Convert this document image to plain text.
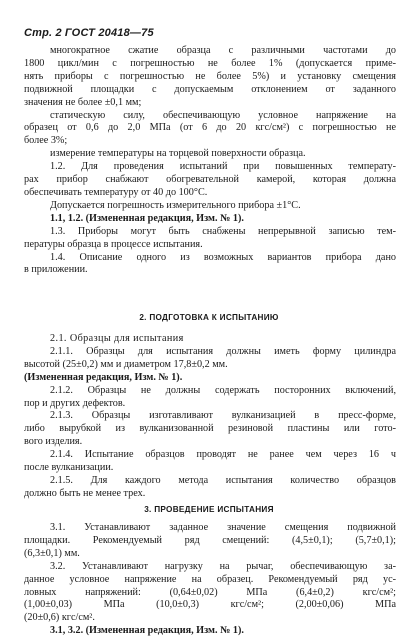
Стр. 2 ГОСТ 20418—75
многократное сжатие образца с различными частотами до
1800 цикл/мин с погрешностью не более 1% (допускается приме-
нять приборы с погрешностью не более 5%) и установку смещения
подвижной площадки с допускаемым отклонением от заданного
значения не более ±0,1 мм;
статическую силу, обеспечивающую условное напряжение на
образец от 0,6 до 2,0 МПа (от 6 до 20 кгс/см²) с погрешностью не
более 3%;
измерение температуры на торцевой поверхности образца.
1.2. Для проведения испытаний при повышенных температу-
рах прибор снабжают обогревательной камерой, которая должна
обеспечивать температуру от 40 до 100°С.
Допускается погрешность измерительного прибора ±1°С.
1.1, 1.2. (Измененная редакция, Изм. № 1).
1.3. Приборы могут быть снабжены непрерывной записью тем-
пературы образца в процессе испытания.
1.4. Описание одного из возможных вариантов прибора дано
в приложении.
2. ПОДГОТОВКА К ИСПЫТАНИЮ
2.1. Образцы для испытания
2.1.1. Образцы для испытания должны иметь форму цилиндра
высотой (25±0,2) мм и диаметром 17,8±0,2 мм.
(Измененная редакция, Изм. № 1).
2.1.2. Образцы не должны содержать посторонних включений,
пор и других дефектов.
2.1.3. Образцы изготавливают вулканизацией в пресс-форме,
либо вырубкой из вулканизованной резиновой пластины или гото-
вого изделия.
2.1.4. Испытание образцов проводят не ранее чем через 16 ч
после вулканизации.
2.1.5. Для каждого метода испытания количество образцов
должно быть не менее трех.
3. ПРОВЕДЕНИЕ ИСПЫТАНИЯ
3.1. Устанавливают заданное значение смещения подвижной
площадки. Рекомендуемый ряд смещений: (4,5±0,1); (5,7±0,1);
(6,3±0,1) мм.
3.2. Устанавливают нагрузку на рычаг, обеспечивающую за-
данное условное напряжение на образец. Рекомендуемый ряд ус-
ловных напряжений: (0,64±0,02) МПа (6,4±0,2) кгс/см²;
(1,00±0,03) МПа (10,0±0,3) кгс/см²; (2,00±0,06) МПа
(20±0,6) кгс/см².
3.1, 3.2. (Измененная редакция, Изм. № 1).
